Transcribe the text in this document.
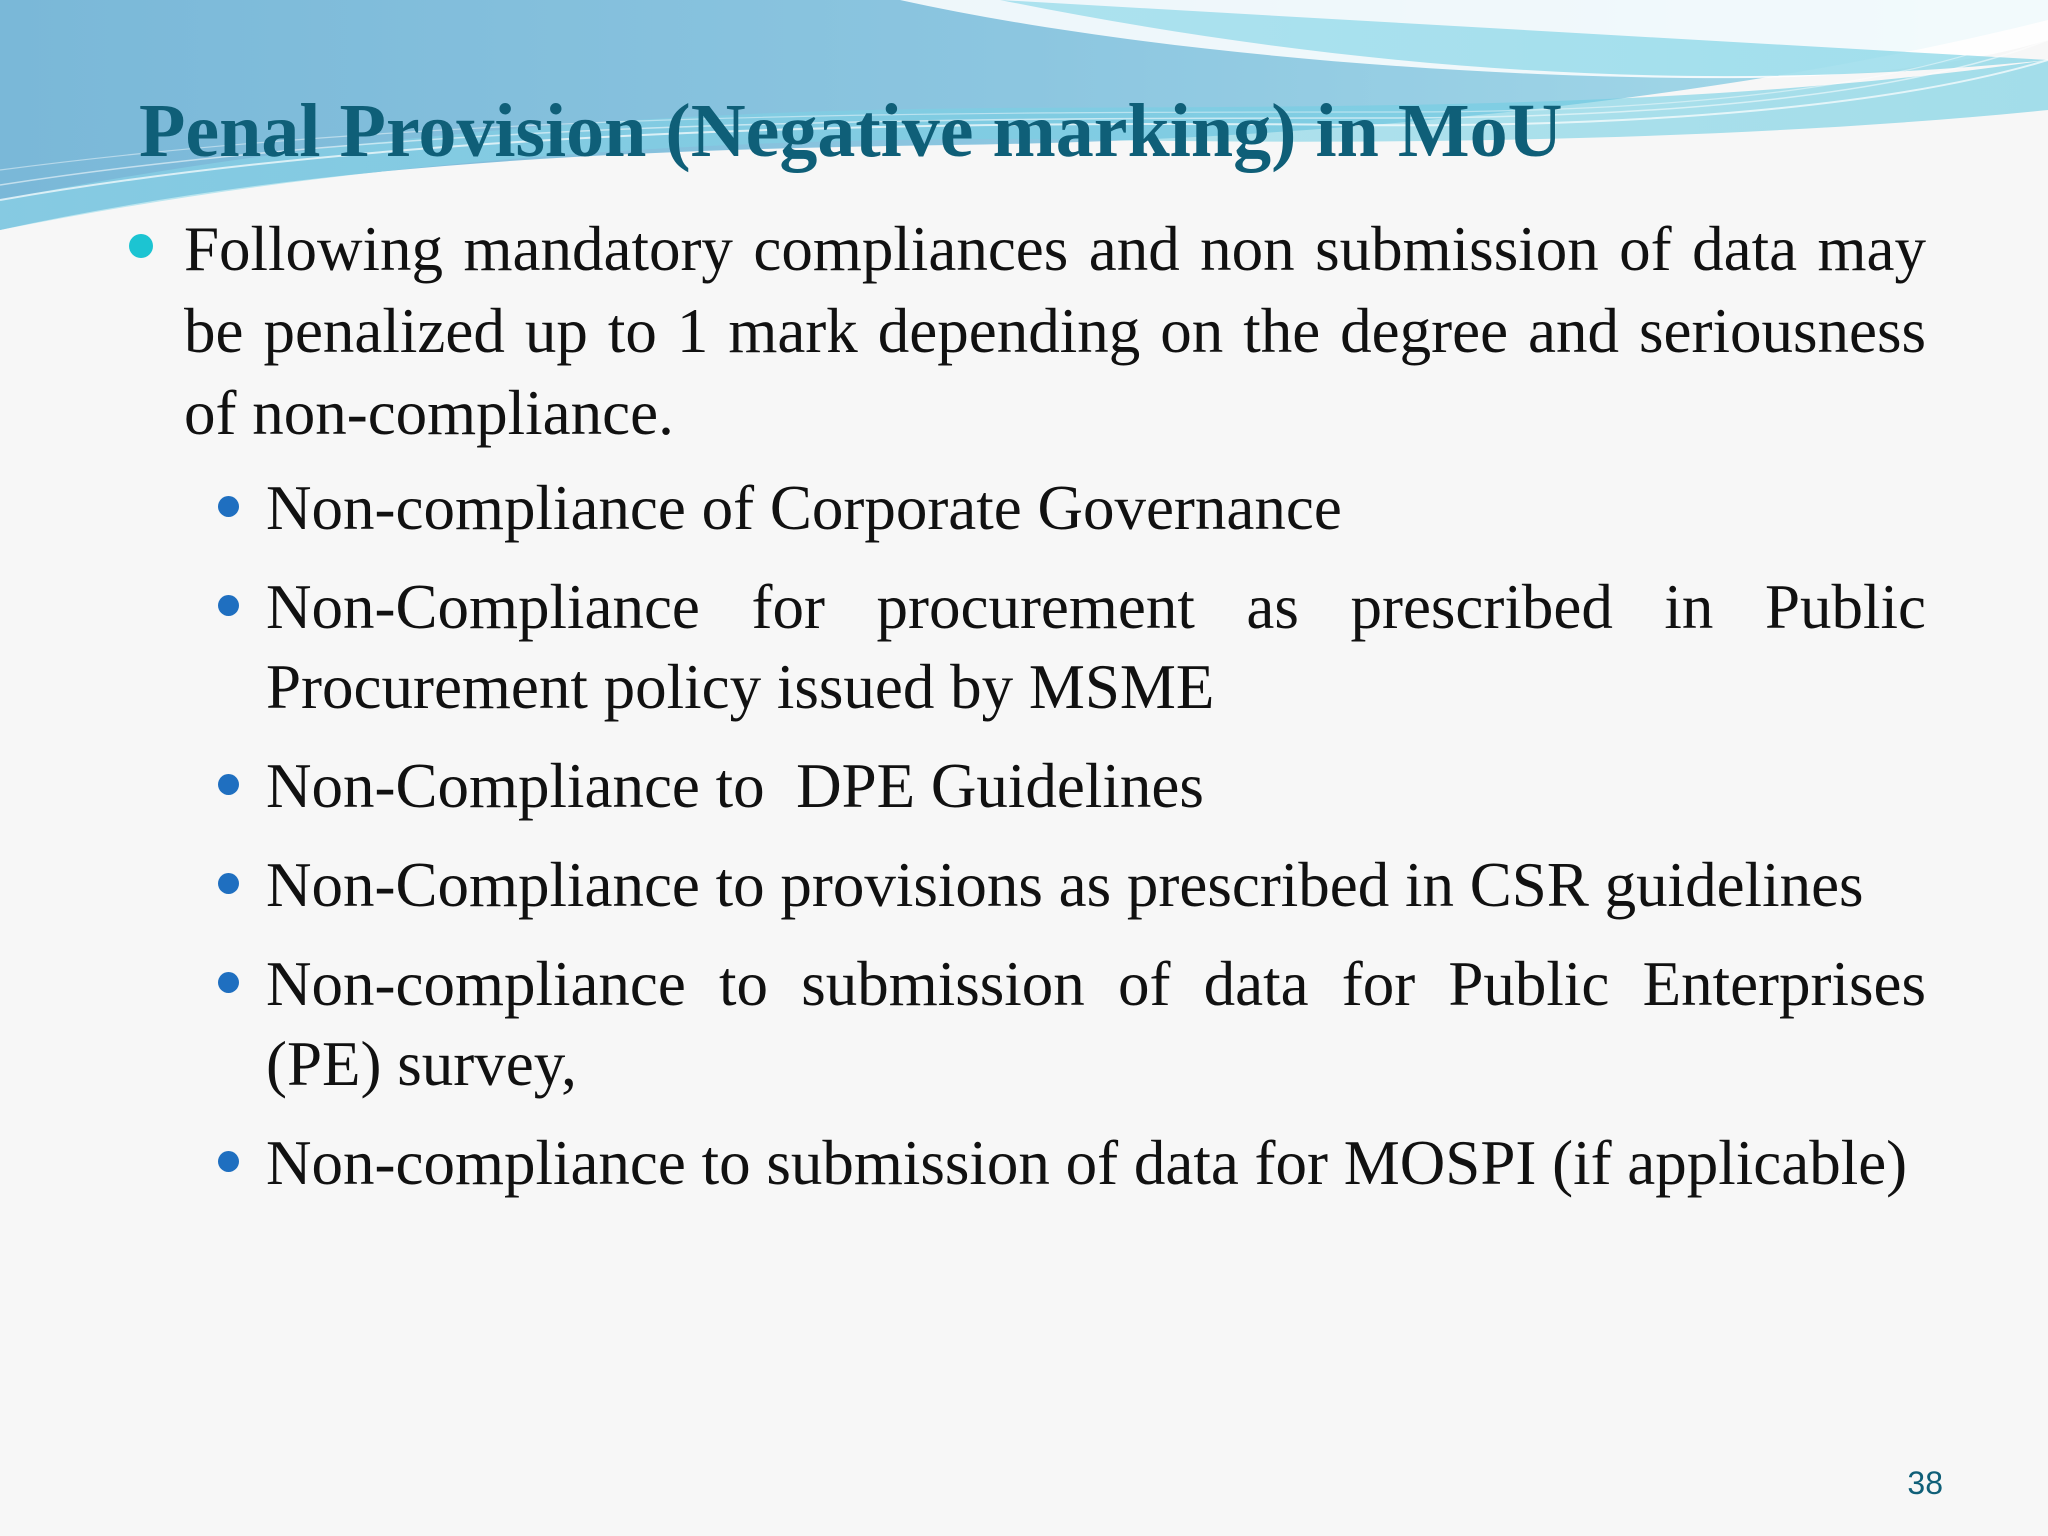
Penal Provision (Negative marking) in MoU
Following mandatory compliances and non submission of data may be penalized up to 1 mark depending on the degree and seriousness of non-compliance.
Non-compliance of Corporate Governance
Non-Compliance for procurement as prescribed in Public Procurement policy issued by MSME
Non-Compliance to  DPE Guidelines
Non-Compliance to provisions as prescribed in CSR guidelines
Non-compliance to submission of data for Public Enterprises (PE) survey,
Non-compliance to submission of data for MOSPI (if applicable)
38
